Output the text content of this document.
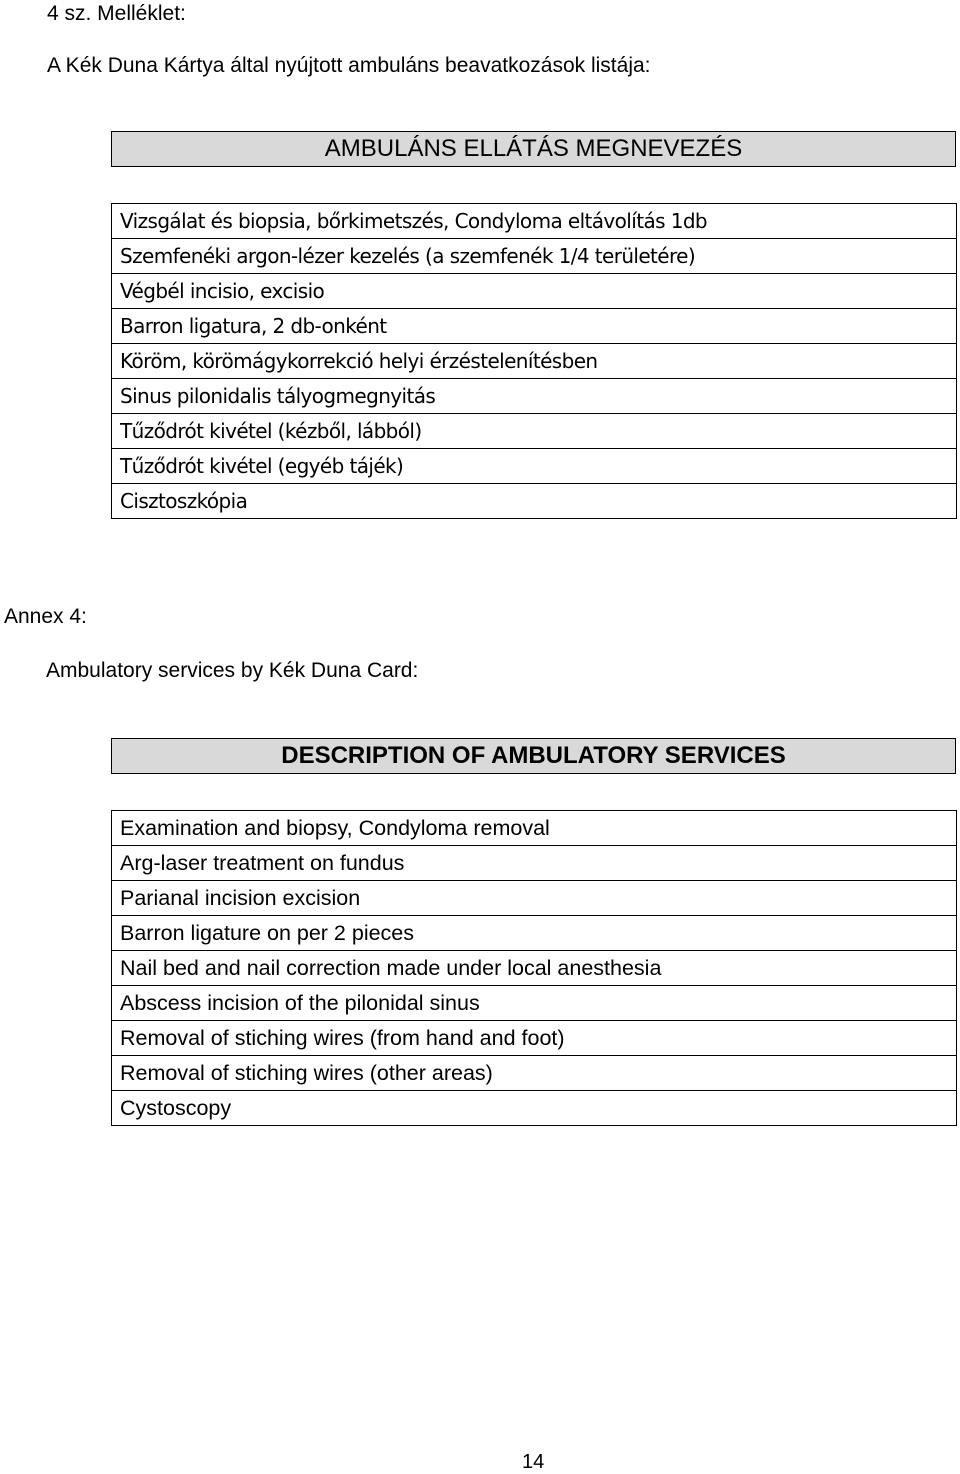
4 sz. Melléklet:
A Kék Duna Kártya által nyújtott ambuláns beavatkozások listája:
AMBULÁNS ELLÁTÁS MEGNEVEZÉS
Vizsgálat és biopsia, bőrkimetszés, Condyloma eltávolítás 1db
Szemfenéki argon-lézer kezelés (a szemfenék 1/4 területére)
Végbél incisio, excisio
Barron ligatura, 2 db-onként
Köröm, körömágykorrekció helyi érzéstelenítésben
Sinus pilonidalis tályogmegnyitás
Tűződrót kivétel (kézből, lábból)
Tűződrót kivétel (egyéb tájék)
Cisztoszkópia
Annex 4:
Ambulatory services by Kék Duna Card:
DESCRIPTION OF AMBULATORY SERVICES
Examination and biopsy, Condyloma removal
Arg-laser treatment on fundus
Parianal incision excision
Barron ligature on per 2 pieces
Nail bed and nail correction made under local anesthesia
Abscess incision of the pilonidal sinus
Removal of stiching wires (from hand and foot)
Removal of stiching wires (other areas)
Cystoscopy
14
